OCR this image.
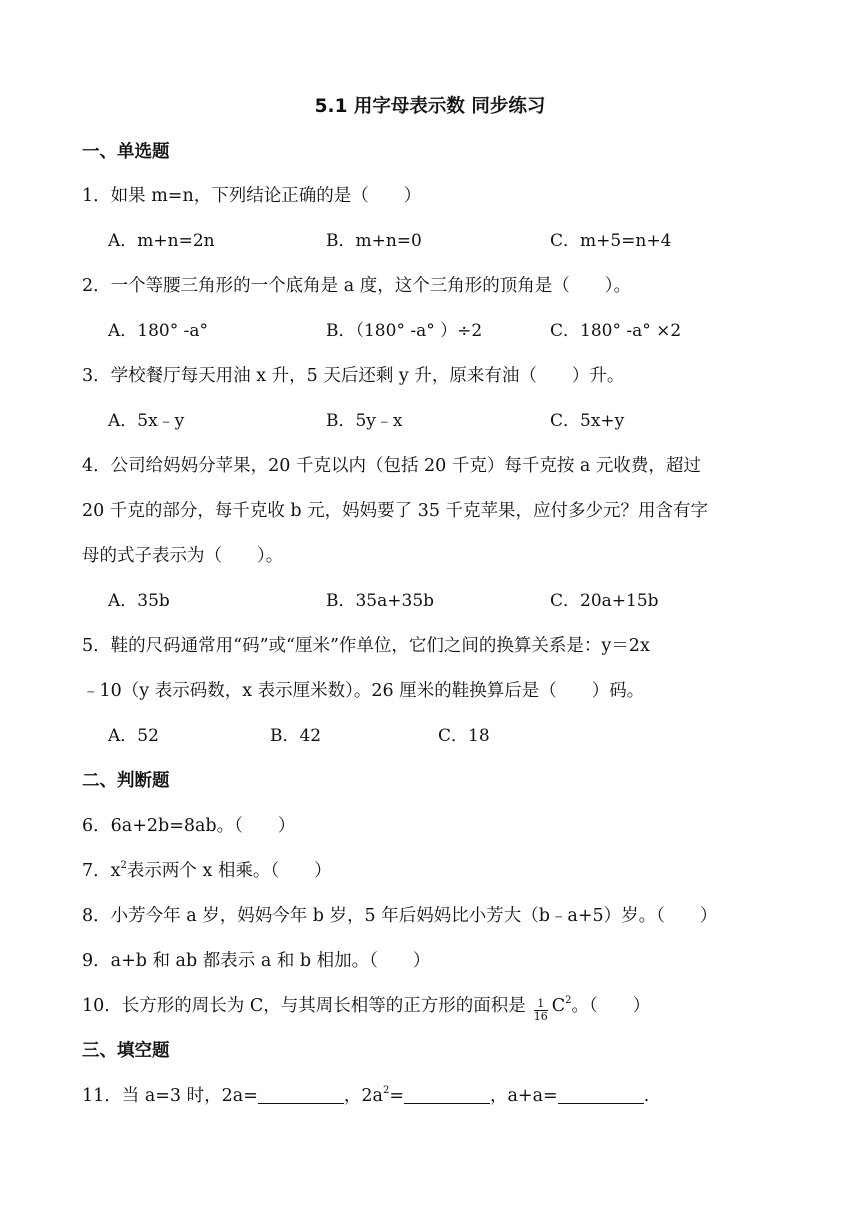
5.1 用字母表示数 同步练习
一、单选题
1．如果 m=n，下列结论正确的是（　　）
A．m+n=2n	B．m+n=0	C．m+5=n+4
2．一个等腰三角形的一个底角是 a 度，这个三角形的顶角是（　　）。
A．180° -a°	B．（180° -a° ）÷2	C．180° -a° ×2
3．学校餐厅每天用油 x 升，5 天后还剩 y 升，原来有油（　　）升。
A．5x﹣y	B．5y﹣x	C．5x+y
4．公司给妈妈分苹果，20 千克以内（包括 20 千克）每千克按 a 元收费，超过
20 千克的部分，每千克收 b 元，妈妈要了 35 千克苹果，应付多少元？用含有字
母的式子表示为（　　）。
A．35b	B．35a+35b	C．20a+15b
5．鞋的尺码通常用“码”或“厘米”作单位，它们之间的换算关系是：y＝2x
﹣10（y 表示码数，x 表示厘米数）。26 厘米的鞋换算后是（　　）码。
A．52	B．42	C．18
二、判断题
6．6a+2b=8ab。（　　）
7．$x^2$表示两个 x 相乘。（　　）
8．小芳今年 a 岁，妈妈今年 b 岁，5 年后妈妈比小芳大（b﹣a+5）岁。（　　）
9．a+b 和 ab 都表示 a 和 b 相加。（　　）
10．长方形的周长为 C，与其周长相等的正方形的面积是 $\frac{1}{16} C^2$。（　　）
三、填空题
11．当 a=3 时，2a=	，$2a^2=$	，a+a=	.
